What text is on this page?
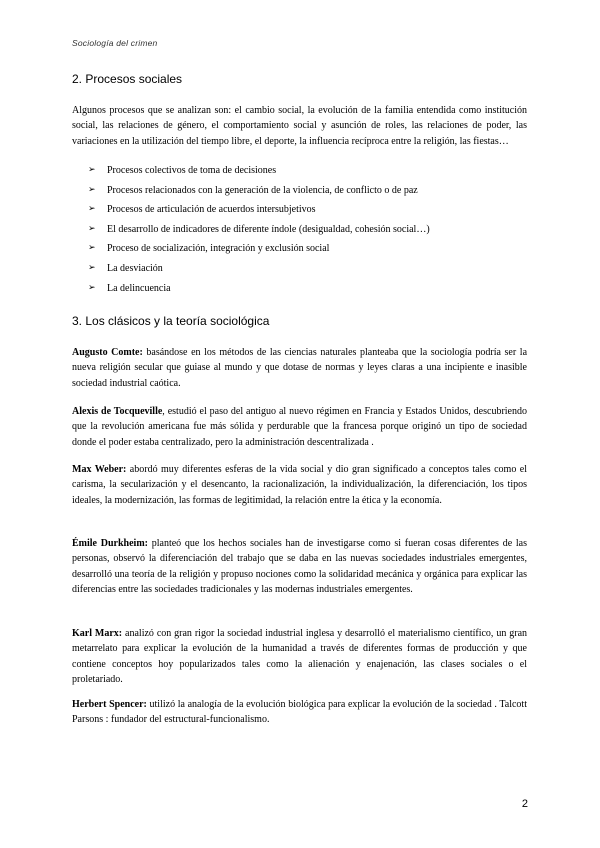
Sociología del crimen
2. Procesos sociales

Algunos procesos que se analizan son: el cambio social, la evolución de la familia entendida como institución social, las relaciones de género, el comportamiento social y asunción de roles, las relaciones de poder, las variaciones en la utilización del tiempo libre, el deporte, la influencia recíproca entre la religión, las fiestas…

➢	Procesos colectivos de toma de decisiones
➢	Procesos relacionados con la generación de la violencia, de conflicto o de paz
➢	Procesos de articulación de acuerdos intersubjetivos
➢	El desarrollo de indicadores de diferente índole (desigualdad, cohesión social…)
➢	Proceso de socialización, integración y exclusión social
➢	La desviación
➢	La delincuencia
3. Los clásicos y la teoría sociológica

Augusto Comte: basándose en los métodos de las ciencias naturales planteaba que la sociología podría ser la nueva religión secular que guiase al mundo y que dotase de normas y leyes claras a una incipiente e inasible sociedad industrial caótica.

Alexis de Tocqueville, estudió el paso del antiguo al nuevo régimen en Francia y Estados Unidos, descubriendo que la revolución americana fue más sólida y perdurable que la francesa porque originó un tipo de sociedad donde el poder estaba centralizado, pero la administración descentralizada .

Max Weber: abordó muy diferentes esferas de la vida social y dio gran significado a conceptos tales como el carisma, la secularización y el desencanto, la racionalización, la individualización, la diferenciación, los tipos ideales, la modernización, las formas de legitimidad, la relación entre la ética y la economía.

Émile Durkheim: planteó que los hechos sociales han de investigarse como si fueran cosas diferentes de las personas, observó la diferenciación del trabajo que se daba en las nuevas sociedades industriales emergentes, desarrolló una teoría de la religión y propuso nociones como la solidaridad mecánica y orgánica para explicar las diferencias entre las sociedades tradicionales y las modernas industriales emergentes.

Karl Marx: analizó con gran rigor la sociedad industrial inglesa y desarrolló el materialismo científico, un gran metarrelato para explicar la evolución de la humanidad a través de diferentes formas de producción y que contiene conceptos hoy popularizados tales como la alienación y enajenación, las clases sociales o el proletariado.

Herbert Spencer: utilizó la analogía de la evolución biológica para explicar la evolución de la sociedad . Talcott Parsons : fundador del estructural-funcionalismo.

2
